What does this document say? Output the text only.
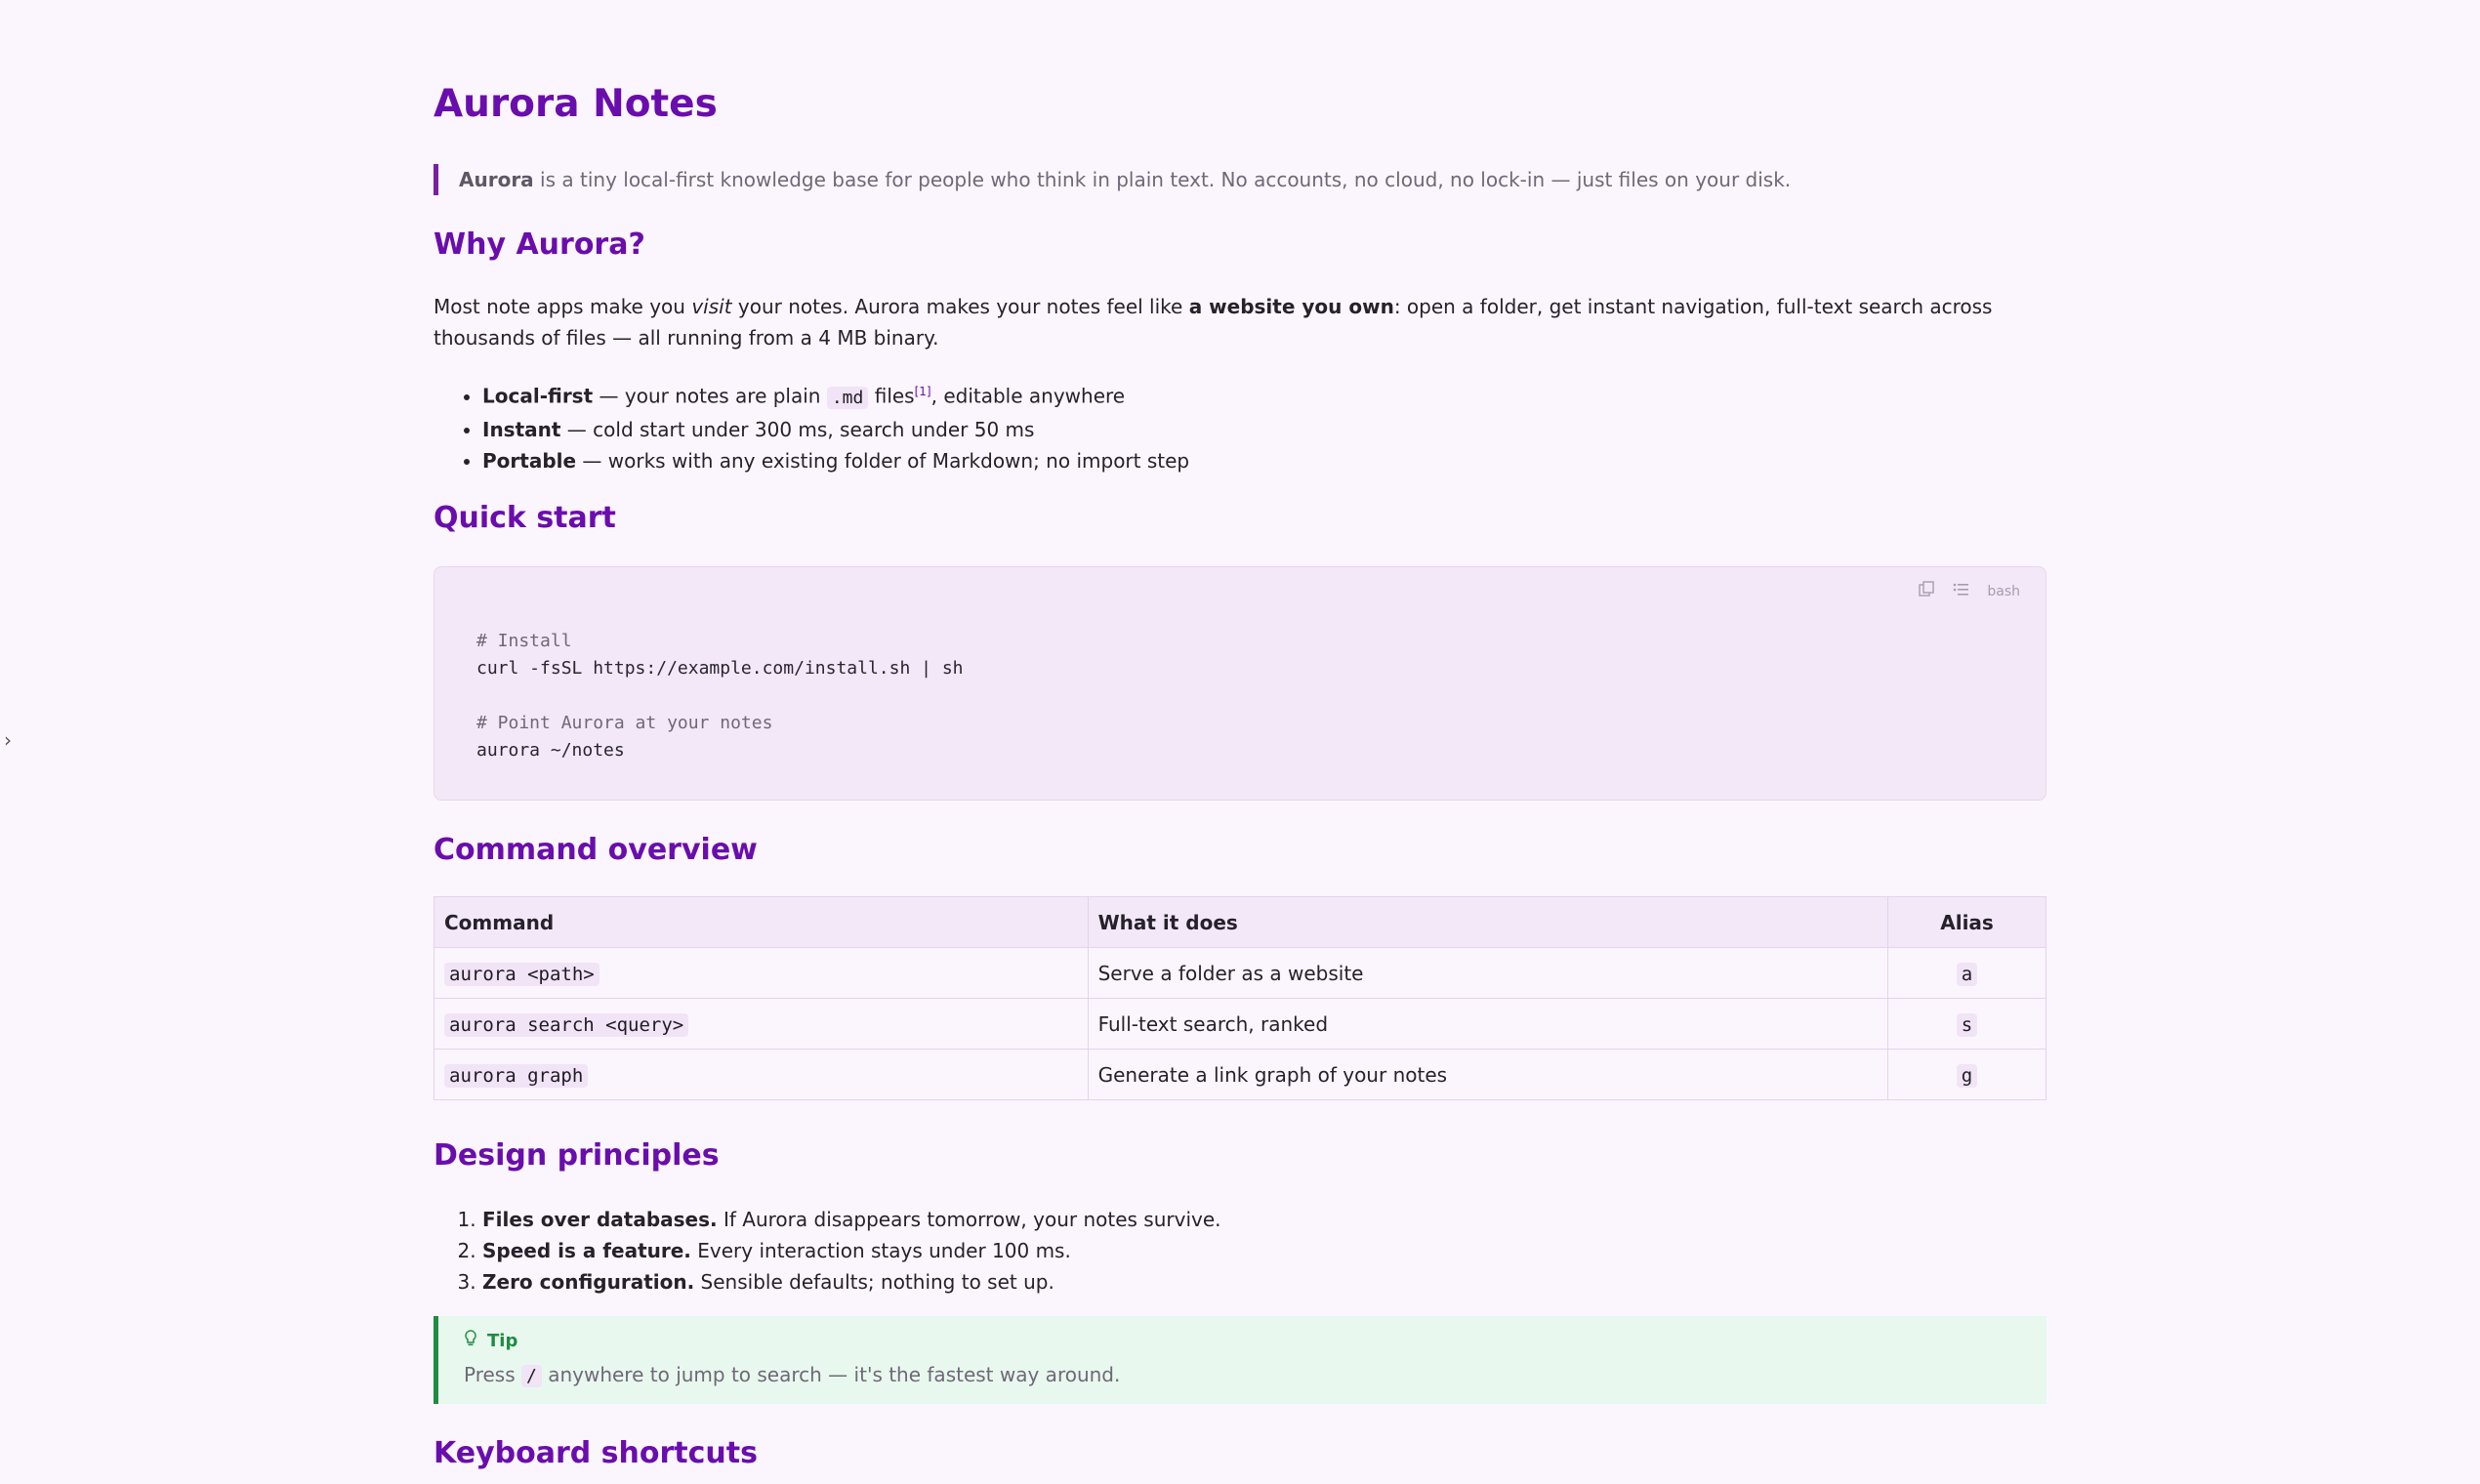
›
Aurora Notes
Aurora is a tiny local-first knowledge base for people who think in plain text. No accounts, no cloud, no lock-in — just files on your disk.
Why Aurora?
Most note apps make you visit your notes. Aurora makes your notes feel like a website you own: open a folder, get instant navigation, full-text search across thousands of files — all running from a 4 MB binary.
• Local-first — your notes are plain .md files[1], editable anywhere
• Instant — cold start under 300 ms, search under 50 ms
• Portable — works with any existing folder of Markdown; no import step
Quick start
bash
# Install
curl -fsSL https://example.com/install.sh | sh
# Point Aurora at your notes
aurora ~/notes
Command overview
Command	What it does	Alias
aurora <path>	Serve a folder as a website	a
aurora search <query>	Full-text search, ranked	s
aurora graph	Generate a link graph of your notes	g
Design principles
1. Files over databases. If Aurora disappears tomorrow, your notes survive.
2. Speed is a feature. Every interaction stays under 100 ms.
3. Zero configuration. Sensible defaults; nothing to set up.
Tip
Press / anywhere to jump to search — it's the fastest way around.
Keyboard shortcuts
